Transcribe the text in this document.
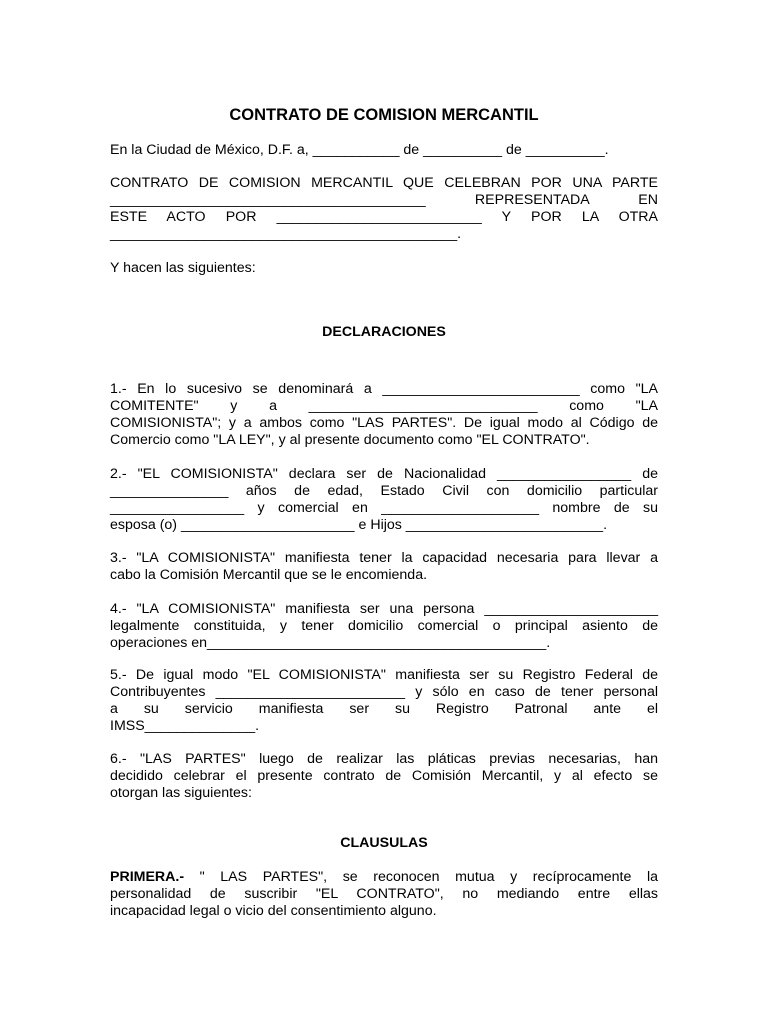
CONTRATO DE COMISION MERCANTIL
En la Ciudad de México, D.F. a, ___________ de __________ de __________.
CONTRATO DE COMISION MERCANTIL QUE CELEBRAN POR UNA PARTE
________________________________________ REPRESENTADA EN
ESTE ACTO POR __________________________ Y POR LA OTRA
____________________________________________.
Y hacen las siguientes:
DECLARACIONES
1.- En lo sucesivo se denominará a _________________________ como "LA
COMITENTE" y a _____________________________ como "LA
COMISIONISTA"; y a ambos como "LAS PARTES". De igual modo al Código de
Comercio como "LA LEY", y al presente documento como "EL CONTRATO".
2.- "EL COMISIONISTA" declara ser de Nacionalidad _________________ de
_______________ años de edad, Estado Civil con domicilio particular
_________________ y comercial en ____________________ nombre de su
esposa (o) ______________________ e Hijos _________________________.
3.- "LA COMISIONISTA" manifiesta tener la capacidad necesaria para llevar a
cabo la Comisión Mercantil que se le encomienda.
4.- "LA COMISIONISTA" manifiesta ser una persona ______________________
legalmente constituida, y tener domicilio comercial o principal asiento de
operaciones en___________________________________________.
5.- De igual modo "EL COMISIONISTA" manifiesta ser su Registro Federal de
Contribuyentes ________________________ y sólo en caso de tener personal
a su servicio manifiesta ser su Registro Patronal ante el
IMSS______________.
6.- "LAS PARTES" luego de realizar las pláticas previas necesarias, han
decidido celebrar el presente contrato de Comisión Mercantil, y al efecto se
otorgan las siguientes:
CLAUSULAS
PRIMERA.- " LAS PARTES", se reconocen mutua y recíprocamente la
personalidad de suscribir "EL CONTRATO", no mediando entre ellas
incapacidad legal o vicio del consentimiento alguno.
